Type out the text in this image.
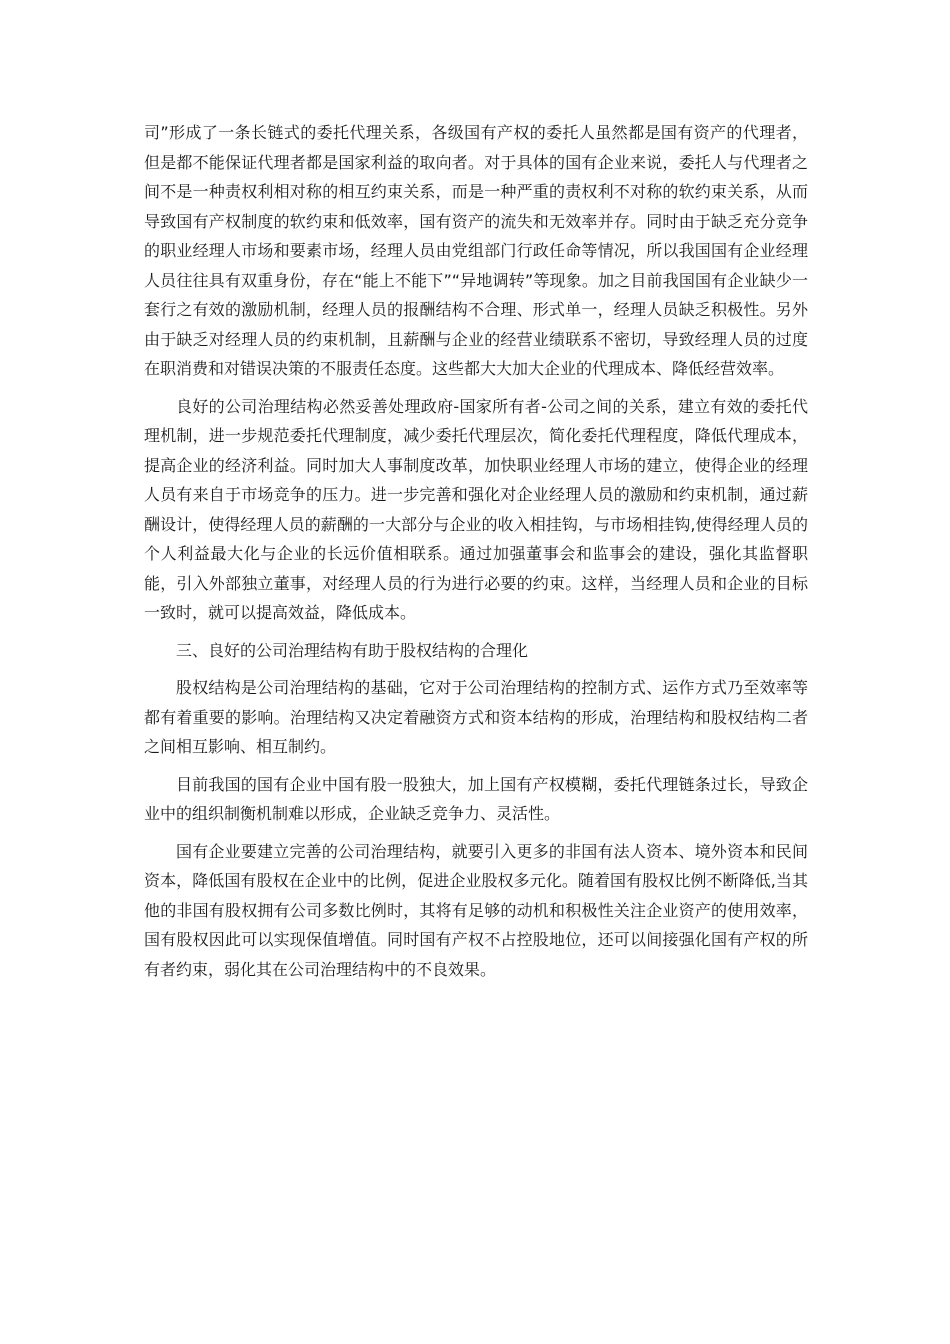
司”形成了一条长链式的委托代理关系，各级国有产权的委托人虽然都是国有资产的代理者，但是都不能保证代理者都是国家利益的取向者。对于具体的国有企业来说，委托人与代理者之间不是一种责权利相对称的相互约束关系，而是一种严重的责权利不对称的软约束关系，从而导致国有产权制度的软约束和低效率，国有资产的流失和无效率并存。同时由于缺乏充分竞争的职业经理人市场和要素市场，经理人员由党组部门行政任命等情况，所以我国国有企业经理人员往往具有双重身份，存在“能上不能下”“异地调转”等现象。加之目前我国国有企业缺少一套行之有效的激励机制，经理人员的报酬结构不合理、形式单一，经理人员缺乏积极性。另外由于缺乏对经理人员的约束机制，且薪酬与企业的经营业绩联系不密切，导致经理人员的过度在职消费和对错误决策的不服责任态度。这些都大大加大企业的代理成本、降低经营效率。

良好的公司治理结构必然妥善处理政府-国家所有者-公司之间的关系，建立有效的委托代理机制，进一步规范委托代理制度，减少委托代理层次，简化委托代理程度，降低代理成本，提高企业的经济利益。同时加大人事制度改革，加快职业经理人市场的建立，使得企业的经理人员有来自于市场竞争的压力。进一步完善和强化对企业经理人员的激励和约束机制，通过薪酬设计，使得经理人员的薪酬的一大部分与企业的收入相挂钩，与市场相挂钩,使得经理人员的个人利益最大化与企业的长远价值相联系。通过加强董事会和监事会的建设，强化其监督职能，引入外部独立董事，对经理人员的行为进行必要的约束。这样，当经理人员和企业的目标一致时，就可以提高效益，降低成本。

三、良好的公司治理结构有助于股权结构的合理化

股权结构是公司治理结构的基础，它对于公司治理结构的控制方式、运作方式乃至效率等都有着重要的影响。治理结构又决定着融资方式和资本结构的形成，治理结构和股权结构二者之间相互影响、相互制约。

目前我国的国有企业中国有股一股独大，加上国有产权模糊，委托代理链条过长，导致企业中的组织制衡机制难以形成，企业缺乏竞争力、灵活性。

国有企业要建立完善的公司治理结构，就要引入更多的非国有法人资本、境外资本和民间资本，降低国有股权在企业中的比例，促进企业股权多元化。随着国有股权比例不断降低,当其他的非国有股权拥有公司多数比例时，其将有足够的动机和积极性关注企业资产的使用效率，国有股权因此可以实现保值增值。同时国有产权不占控股地位，还可以间接强化国有产权的所有者约束，弱化其在公司治理结构中的不良效果。
